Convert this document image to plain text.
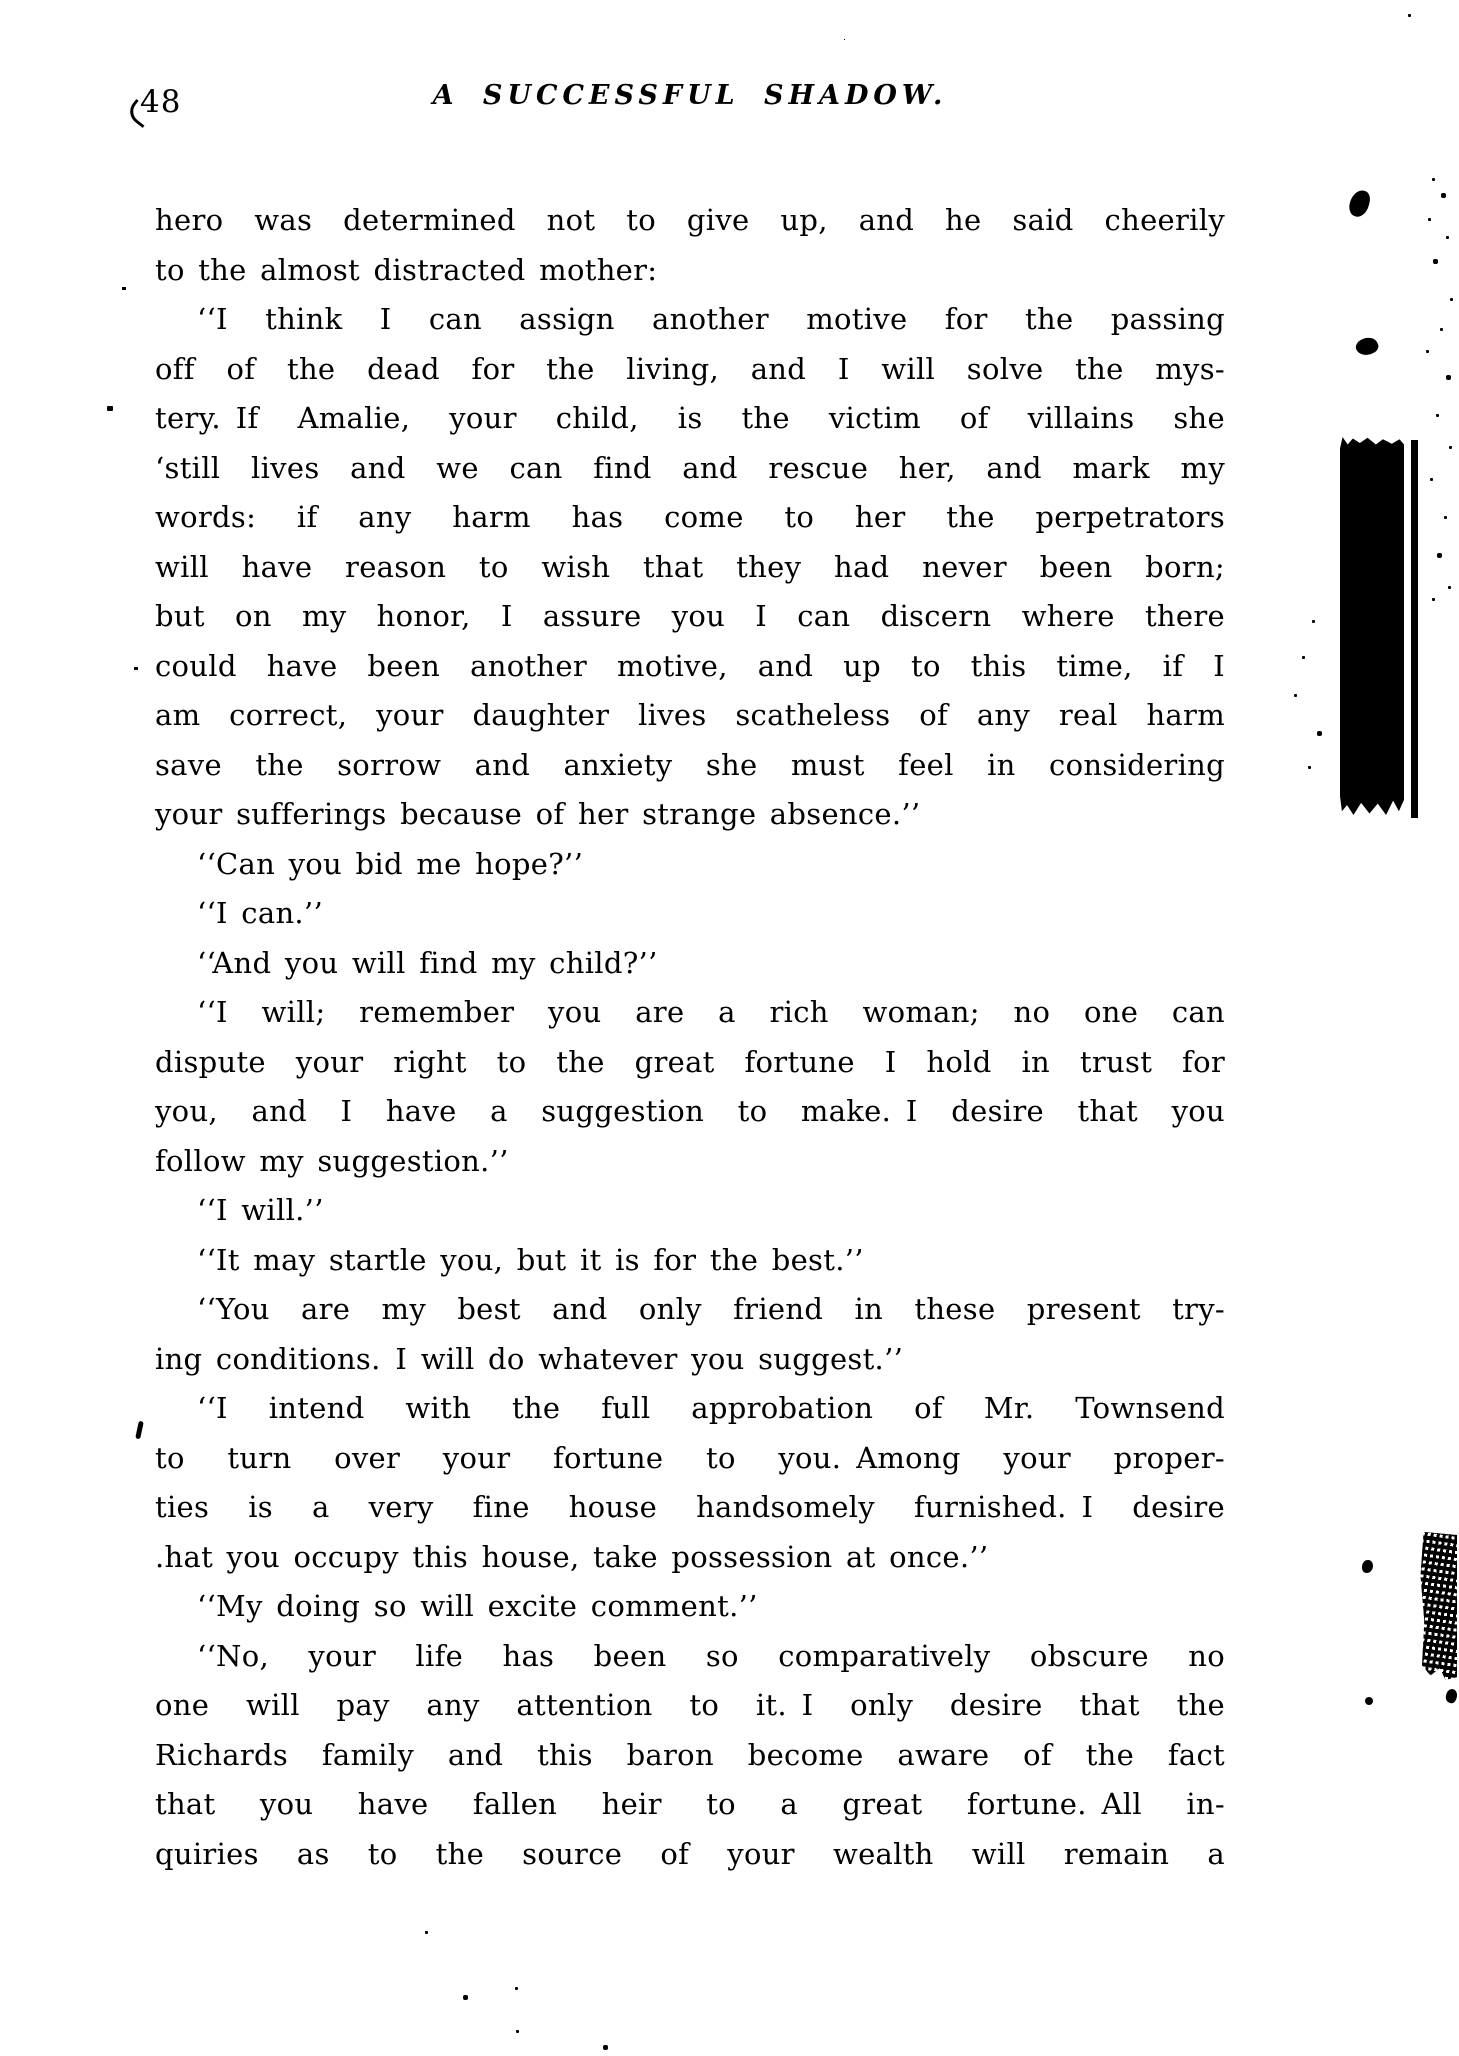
48	A SUCCESSFUL SHADOW.
hero was determined not to give up, and he said cheerily
to the almost distracted mother:
‘‘I think I can assign another motive for the passing
off of the dead for the living, and I will solve the mys-
tery. If Amalie, your child, is the victim of villains she
‘still lives and we can find and rescue her, and mark my
words: if any harm has come to her the perpetrators
will have reason to wish that they had never been born;
but on my honor, I assure you I can discern where there
could have been another motive, and up to this time, if I
am correct, your daughter lives scatheless of any real harm
save the sorrow and anxiety she must feel in considering
your sufferings because of her strange absence.’’
‘‘Can you bid me hope?’’
‘‘I can.’’
‘‘And you will find my child?’’
‘‘I will; remember you are a rich woman; no one can
dispute your right to the great fortune I hold in trust for
you, and I have a suggestion to make. I desire that you
follow my suggestion.’’
‘‘I will.’’
‘‘It may startle you, but it is for the best.’’
‘‘You are my best and only friend in these present try-
ing conditions. I will do whatever you suggest.’’
‘‘I intend with the full approbation of Mr. Townsend
to turn over your fortune to you. Among your proper-
ties is a very fine house handsomely furnished. I desire
.hat you occupy this house, take possession at once.’’
‘‘My doing so will excite comment.’’
‘‘No, your life has been so comparatively obscure no
one will pay any attention to it. I only desire that the
Richards family and this baron become aware of the fact
that you have fallen heir to a great fortune. All in-
quiries as to the source of your wealth will remain a
